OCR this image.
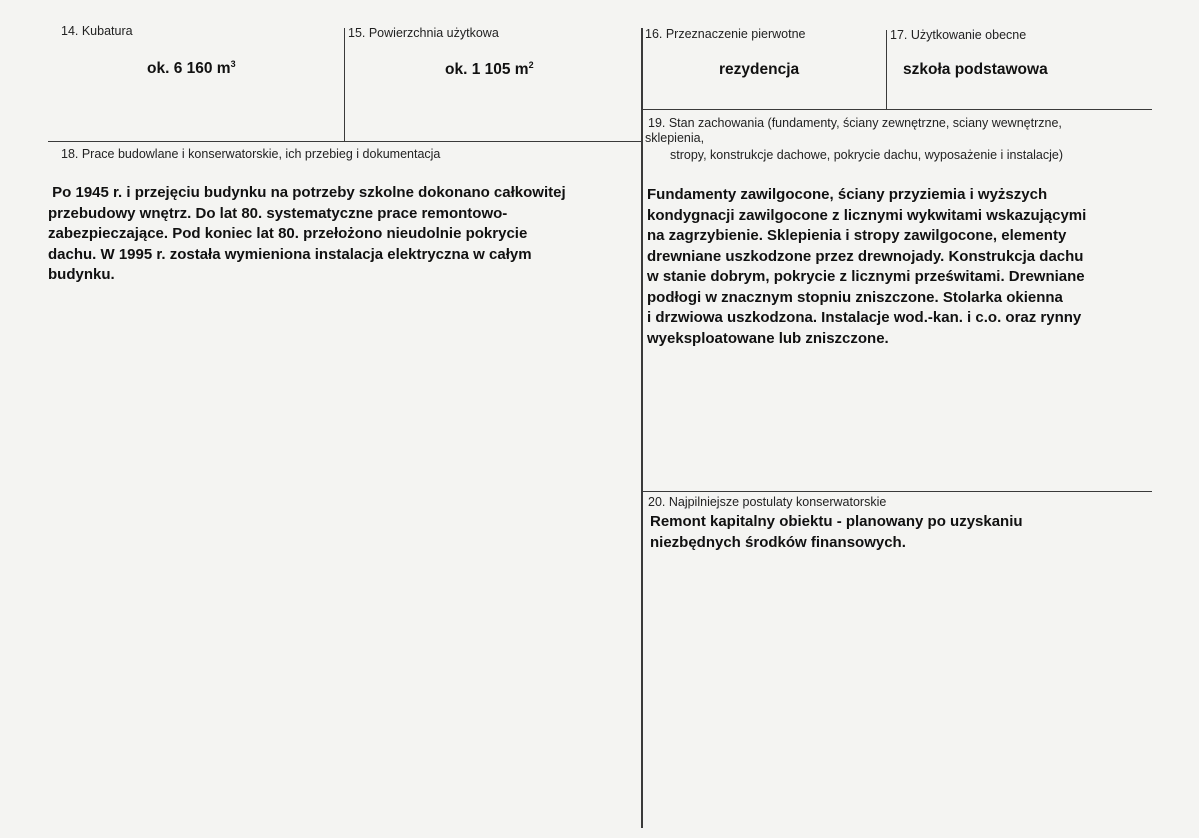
14. Kubatura
ok. 6 160 $m^3$
15. Powierzchnia użytkowa
ok. 1 105 $m^2$
16. Przeznaczenie pierwotne
rezydencja
17. Użytkowanie obecne
szkoła podstawowa
19. Stan zachowania (fundamenty, ściany zewnętrzne, sciany wewnętrzne,
sklepienia,
stropy, konstrukcje dachowe, pokrycie dachu, wyposażenie i instalacje)
18. Prace budowlane i konserwatorskie, ich przebieg i dokumentacja
Po 1945 r. i przejęciu budynku na potrzeby szkolne dokonano całkowitej
przebudowy wnętrz. Do lat 80. systematyczne prace remontowo-
zabezpieczające. Pod koniec lat 80. przełożono nieudolnie pokrycie
dachu. W 1995 r. została wymieniona instalacja elektryczna w całym
budynku.
Fundamenty zawilgocone, ściany przyziemia i wyższych
kondygnacji zawilgocone z licznymi wykwitami wskazującymi
na zagrzybienie. Sklepienia i stropy zawilgocone, elementy
drewniane uszkodzone przez drewnojady. Konstrukcja dachu
w stanie dobrym, pokrycie z licznymi prześwitami. Drewniane
podłogi w znacznym stopniu zniszczone. Stolarka okienna
i drzwiowa uszkodzona. Instalacje wod.-kan. i c.o. oraz rynny
wyeksploatowane lub zniszczone.
20. Najpilniejsze postulaty konserwatorskie
Remont kapitalny obiektu - planowany po uzyskaniu
niezbędnych środków finansowych.
